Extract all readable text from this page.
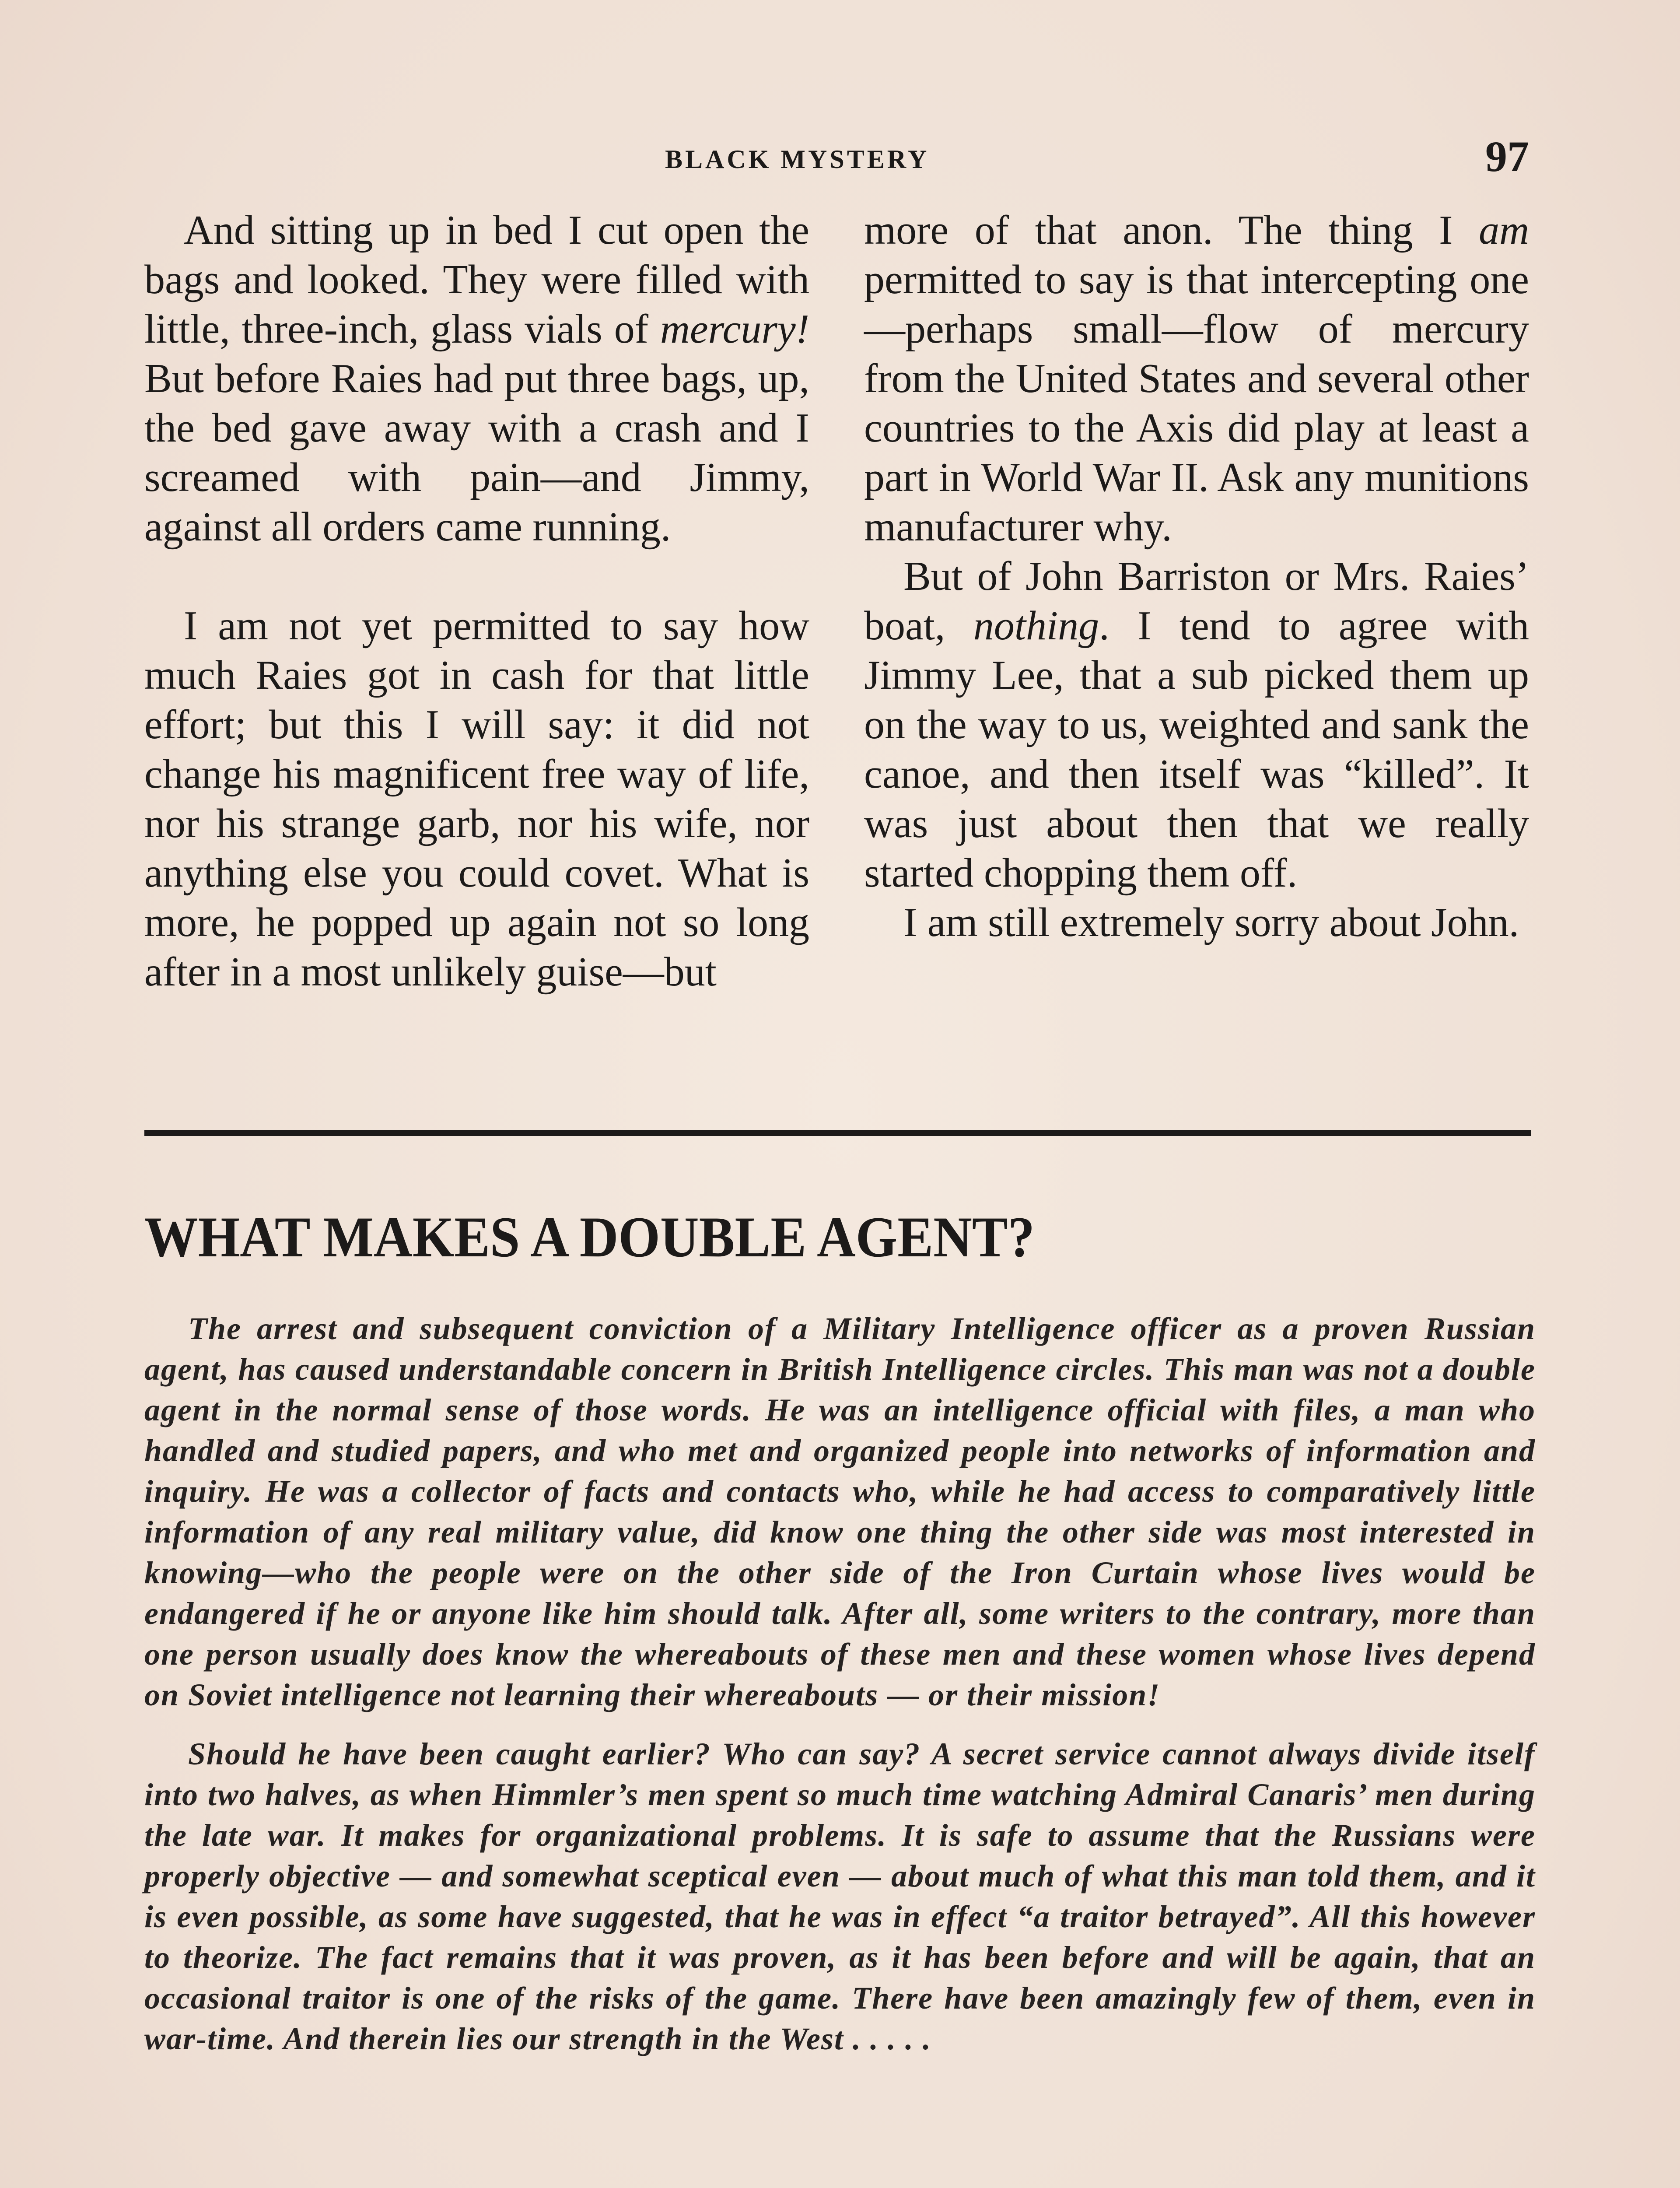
BLACK MYSTERY	97

And sitting up in bed I cut open the bags and looked. They were filled with little, three-inch, glass vials of mercury! But before Raies had put three bags, up, the bed gave away with a crash and I screamed with pain—and Jimmy, against all orders came running.

I am not yet permitted to say how much Raies got in cash for that little effort; but this I will say: it did not change his magnificent free way of life, nor his strange garb, nor his wife, nor anything else you could covet. What is more, he popped up again not so long after in a most unlikely guise—but

more of that anon. The thing I am permitted to say is that intercepting one—perhaps small—flow of mercury from the United States and several other countries to the Axis did play at least a part in World War II. Ask any munitions manufacturer why.

But of John Barriston or Mrs. Raies’ boat, nothing. I tend to agree with Jimmy Lee, that a sub picked them up on the way to us, weighted and sank the canoe, and then itself was “killed”. It was just about then that we really started chopping them off.

I am still extremely sorry about John.

WHAT MAKES A DOUBLE AGENT?

The arrest and subsequent conviction of a Military Intelligence officer as a proven Russian agent, has caused understandable concern in British Intelligence circles. This man was not a double agent in the normal sense of those words. He was an intelligence official with files, a man who handled and studied papers, and who met and organized people into networks of information and inquiry. He was a collector of facts and contacts who, while he had access to comparatively little information of any real military value, did know one thing the other side was most interested in knowing—who the people were on the other side of the Iron Curtain whose lives would be endangered if he or anyone like him should talk. After all, some writers to the contrary, more than one person usually does know the whereabouts of these men and these women whose lives depend on Soviet intelligence not learning their whereabouts — or their mission!

Should he have been caught earlier? Who can say? A secret service cannot always divide itself into two halves, as when Himmler’s men spent so much time watching Admiral Canaris’ men during the late war. It makes for organizational problems. It is safe to assume that the Russians were properly objective — and somewhat sceptical even — about much of what this man told them, and it is even possible, as some have suggested, that he was in effect “a traitor betrayed”. All this however to theorize. The fact remains that it was proven, as it has been before and will be again, that an occasional traitor is one of the risks of the game. There have been amazingly few of them, even in war-time. And therein lies our strength in the West . . . . .
